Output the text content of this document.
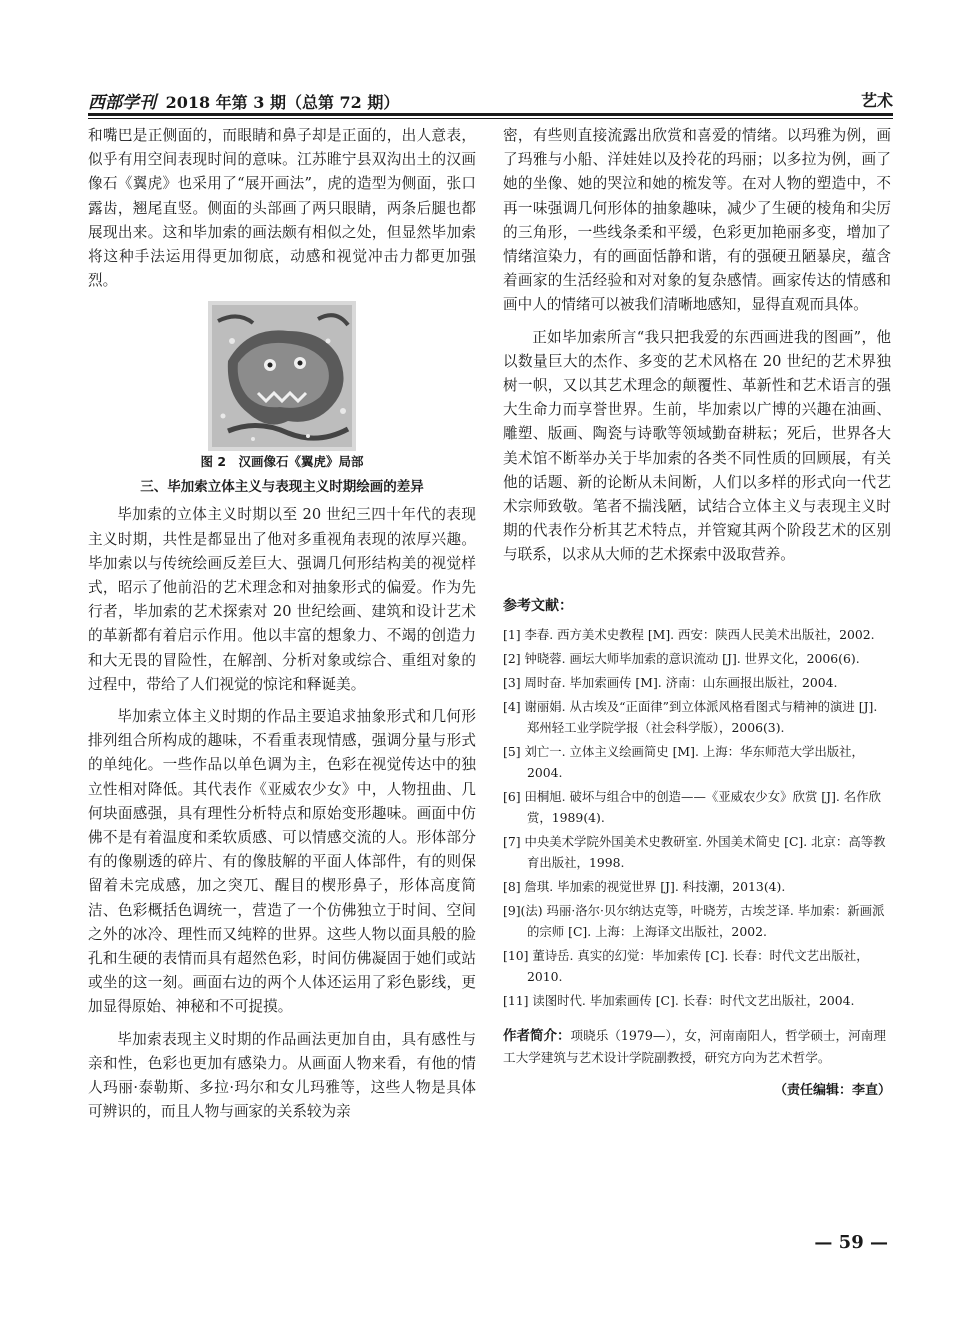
西部学刊 2018 年第 3 期（总第 72 期）	艺术

和嘴巴是正侧面的，而眼睛和鼻子却是正面的，出人意表，似乎有用空间表现时间的意味。江苏睢宁县双沟出土的汉画像石《翼虎》也采用了“展开画法”，虎的造型为侧面，张口露齿，翘尾直竖。侧面的头部画了两只眼睛，两条后腿也都展现出来。这和毕加索的画法颇有相似之处，但显然毕加索将这种手法运用得更加彻底，动感和视觉冲击力都更加强烈。

图 2　汉画像石《翼虎》局部
三、毕加索立体主义与表现主义时期绘画的差异

毕加索的立体主义时期以至 20 世纪三四十年代的表现主义时期，共性是都显出了他对多重视角表现的浓厚兴趣。毕加索以与传统绘画反差巨大、强调几何形结构美的视觉样式，昭示了他前沿的艺术理念和对抽象形式的偏爱。作为先行者，毕加索的艺术探索对 20 世纪绘画、建筑和设计艺术的革新都有着启示作用。他以丰富的想象力、不竭的创造力和大无畏的冒险性，在解剖、分析对象或综合、重组对象的过程中，带给了人们视觉的惊诧和释诞美。

毕加索立体主义时期的作品主要追求抽象形式和几何形排列组合所构成的趣味，不看重表现情感，强调分量与形式的单纯化。一些作品以单色调为主，色彩在视觉传达中的独立性相对降低。其代表作《亚威农少女》中，人物扭曲、几何块面感强，具有理性分析特点和原始变形趣味。画面中仿佛不是有着温度和柔软质感、可以情感交流的人。形体部分有的像剔透的碎片、有的像肢解的平面人体部件，有的则保留着未完成感，加之突兀、醒目的楔形鼻子，形体高度简洁、色彩概括色调统一，营造了一个仿佛独立于时间、空间之外的冰冷、理性而又纯粹的世界。这些人物以面具般的脸孔和生硬的表情而具有超然色彩，时间仿佛凝固于她们或站或坐的这一刻。画面右边的两个人体还运用了彩色影线，更加显得原始、神秘和不可捉摸。

毕加索表现主义时期的作品画法更加自由，具有感性与亲和性，色彩也更加有感染力。从画面人物来看，有他的情人玛丽·泰勒斯、多拉·玛尔和女儿玛雅等，这些人物是具体可辨识的，而且人物与画家的关系较为亲

密，有些则直接流露出欣赏和喜爱的情绪。以玛雅为例，画了玛雅与小船、洋娃娃以及拎花的玛丽；以多拉为例，画了她的坐像、她的哭泣和她的梳发等。在对人物的塑造中，不再一味强调几何形体的抽象趣味，减少了生硬的棱角和尖厉的三角形，一些线条柔和平缓，色彩更加艳丽多变，增加了情绪渲染力，有的画面恬静和谐，有的强硬丑陋暴戾，蕴含着画家的生活经验和对对象的复杂感情。画家传达的情感和画中人的情绪可以被我们清晰地感知，显得直观而具体。

正如毕加索所言“我只把我爱的东西画进我的图画”，他以数量巨大的杰作、多变的艺术风格在 20 世纪的艺术界独树一帜，又以其艺术理念的颠覆性、革新性和艺术语言的强大生命力而享誉世界。生前，毕加索以广博的兴趣在油画、雕塑、版画、陶瓷与诗歌等领域勤奋耕耘；死后，世界各大美术馆不断举办关于毕加索的各类不同性质的回顾展，有关他的话题、新的论断从未间断，人们以多样的形式向一代艺术宗师致敬。笔者不揣浅陋，试结合立体主义与表现主义时期的代表作分析其艺术特点，并管窥其两个阶段艺术的区别与联系，以求从大师的艺术探索中汲取营养。

参考文献：
[1] 李春. 西方美术史教程 [M]. 西安：陕西人民美术出版社，2002.
[2] 钟晓蓉. 画坛大师毕加索的意识流动 [J]. 世界文化，2006(6).
[3] 周时奋. 毕加索画传 [M]. 济南：山东画报出版社，2004.
[4] 谢丽娟. 从古埃及“正面律”到立体派风格看图式与精神的演进 [J]. 郑州轻工业学院学报（社会科学版），2006(3).
[5] 刘亡一. 立体主义绘画简史 [M]. 上海：华东师范大学出版社，2004.
[6] 田桐旭. 破坏与组合中的创造——《亚威农少女》欣赏 [J]. 名作欣赏，1989(4).
[7] 中央美术学院外国美术史教研室. 外国美术简史 [C]. 北京：高等教育出版社，1998.
[8] 詹琪. 毕加索的视觉世界 [J]. 科技潮，2013(4).
[9](法) 玛丽·洛尔·贝尔纳达克等，叶晓芳，古埃芝译. 毕加索：新画派的宗师 [C]. 上海：上海译文出版社，2002.
[10] 董诗岳. 真实的幻觉：毕加索传 [C]. 长春：时代文艺出版社，2010.
[11] 读图时代. 毕加索画传 [C]. 长春：时代文艺出版社，2004.
作者简介：项晓乐（1979—），女，河南南阳人，哲学硕士，河南理工大学建筑与艺术设计学院副教授，研究方向为艺术哲学。
（责任编辑：李直）
— 59 —
